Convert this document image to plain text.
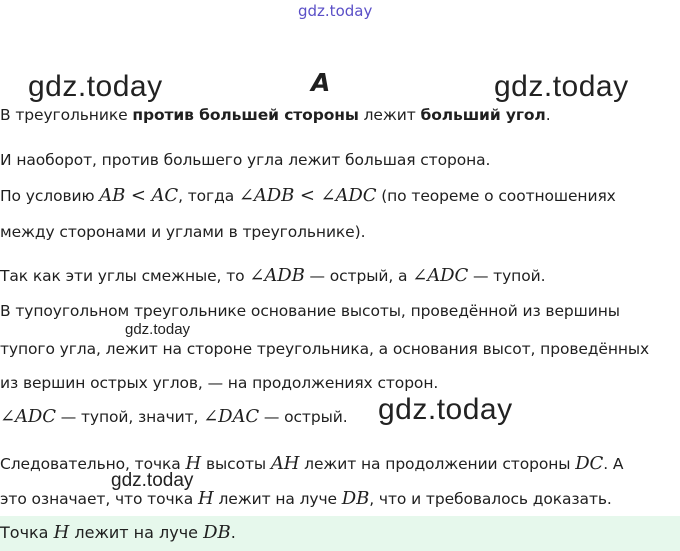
gdz.today
gdz.today	gdz.today
А
В треугольнике против большей стороны лежит больший угол.
И наоборот, против большего угла лежит большая сторона.
По условию AB < AC, тогда ∠ADB < ∠ADC (по теореме о соотношениях
между сторонами и углами в треугольнике).
Так как эти углы смежные, то ∠ADB — острый, а ∠ADC — тупой.
В тупоугольном треугольнике основание высоты, проведённой из вершины
gdz.today
тупого угла, лежит на стороне треугольника, а основания высот, проведённых
из вершин острых углов, — на продолжениях сторон.
∠ADC — тупой, значит, ∠DAC — острый. gdz.today
Следовательно, точка H высоты AH лежит на продолжении стороны DC. А
gdz.today
это означает, что точка H лежит на луче DB, что и требовалось доказать.
Точка H лежит на луче DB.
